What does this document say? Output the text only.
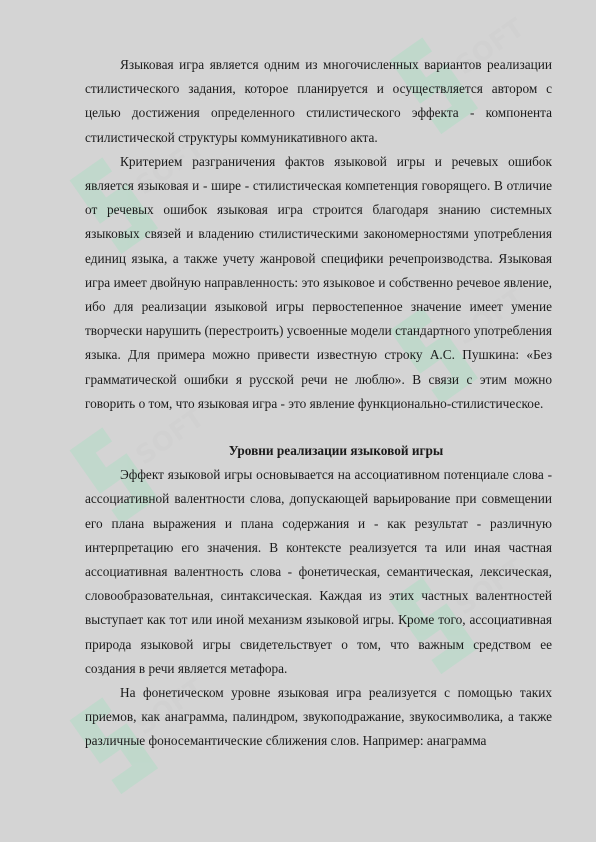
SOFT
SOFT
SOFT
SOFT
SOFT
SOFT

Языковая игра является одним из многочисленных вариантов реализации стилистического задания, которое планируется и осуществляется автором с целью достижения определенного стилистического эффекта - компонента стилистической структуры коммуникативного акта.

Критерием разграничения фактов языковой игры и речевых ошибок является языковая и - шире - стилистическая компетенция говорящего. В отличие от речевых ошибок языковая игра строится благодаря знанию системных языковых связей и владению стилистическими закономерностями употребления единиц языка, а также учету жанровой специфики речепроизводства. Языковая игра имеет двойную направленность: это языковое и собственно речевое явление, ибо для реализации языковой игры первостепенное значение имеет умение творчески нарушить (перестроить) усвоенные модели стандартного употребления языка. Для примера можно привести известную строку А.С. Пушкина: «Без грамматической ошибки я русской речи не люблю». В связи с этим можно говорить о том, что языковая игра - это явление функционально-стилистическое.

Уровни реализации языковой игры

Эффект языковой игры основывается на ассоциативном потенциале слова - ассоциативной валентности слова, допускающей варьирование при совмещении его плана выражения и плана содержания и - как результат - различную интерпретацию его значения. В контексте реализуется та или иная частная ассоциативная валентность слова - фонетическая, семантическая, лексическая, словообразовательная, синтаксическая. Каждая из этих частных валентностей выступает как тот или иной механизм языковой игры. Кроме того, ассоциативная природа языковой игры свидетельствует о том, что важным средством ее создания в речи является метафора.

На фонетическом уровне языковая игра реализуется с помощью таких приемов, как анаграмма, палиндром, звукоподражание, звукосимволика, а также различные фоносемантические сближения слов. Например: анаграмма
